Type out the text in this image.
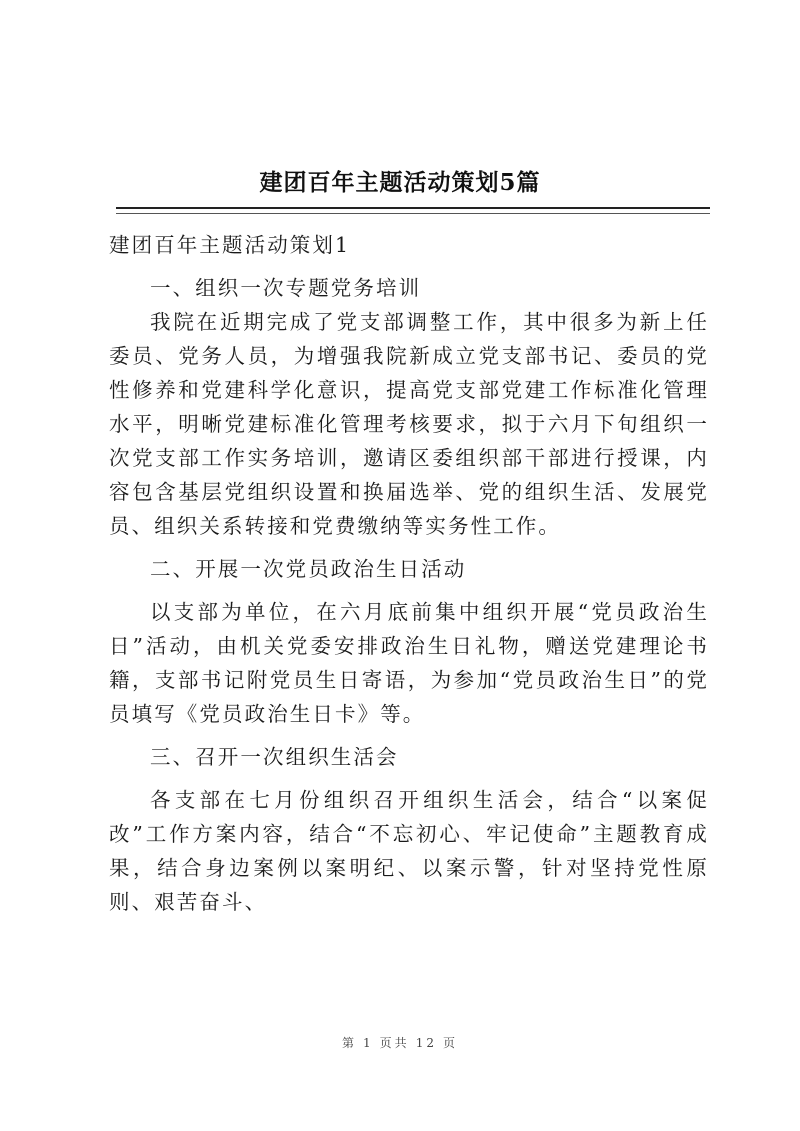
建团百年主题活动策划5篇

建团百年主题活动策划1

一、组织一次专题党务培训

我院在近期完成了党支部调整工作，其中很多为新上任委员、党务人员，为增强我院新成立党支部书记、委员的党性修养和党建科学化意识，提高党支部党建工作标准化管理水平，明晰党建标准化管理考核要求，拟于六月下旬组织一次党支部工作实务培训，邀请区委组织部干部进行授课，内容包含基层党组织设置和换届选举、党的组织生活、发展党员、组织关系转接和党费缴纳等实务性工作。

二、开展一次党员政治生日活动

以支部为单位，在六月底前集中组织开展“党员政治生日”活动，由机关党委安排政治生日礼物，赠送党建理论书籍，支部书记附党员生日寄语，为参加“党员政治生日”的党员填写《党员政治生日卡》等。

三、召开一次组织生活会

各支部在七月份组织召开组织生活会，结合“以案促改”工作方案内容，结合“不忘初心、牢记使命”主题教育成果，结合身边案例以案明纪、以案示警，针对坚持党性原则、艰苦奋斗、

第 1 页共 12 页
